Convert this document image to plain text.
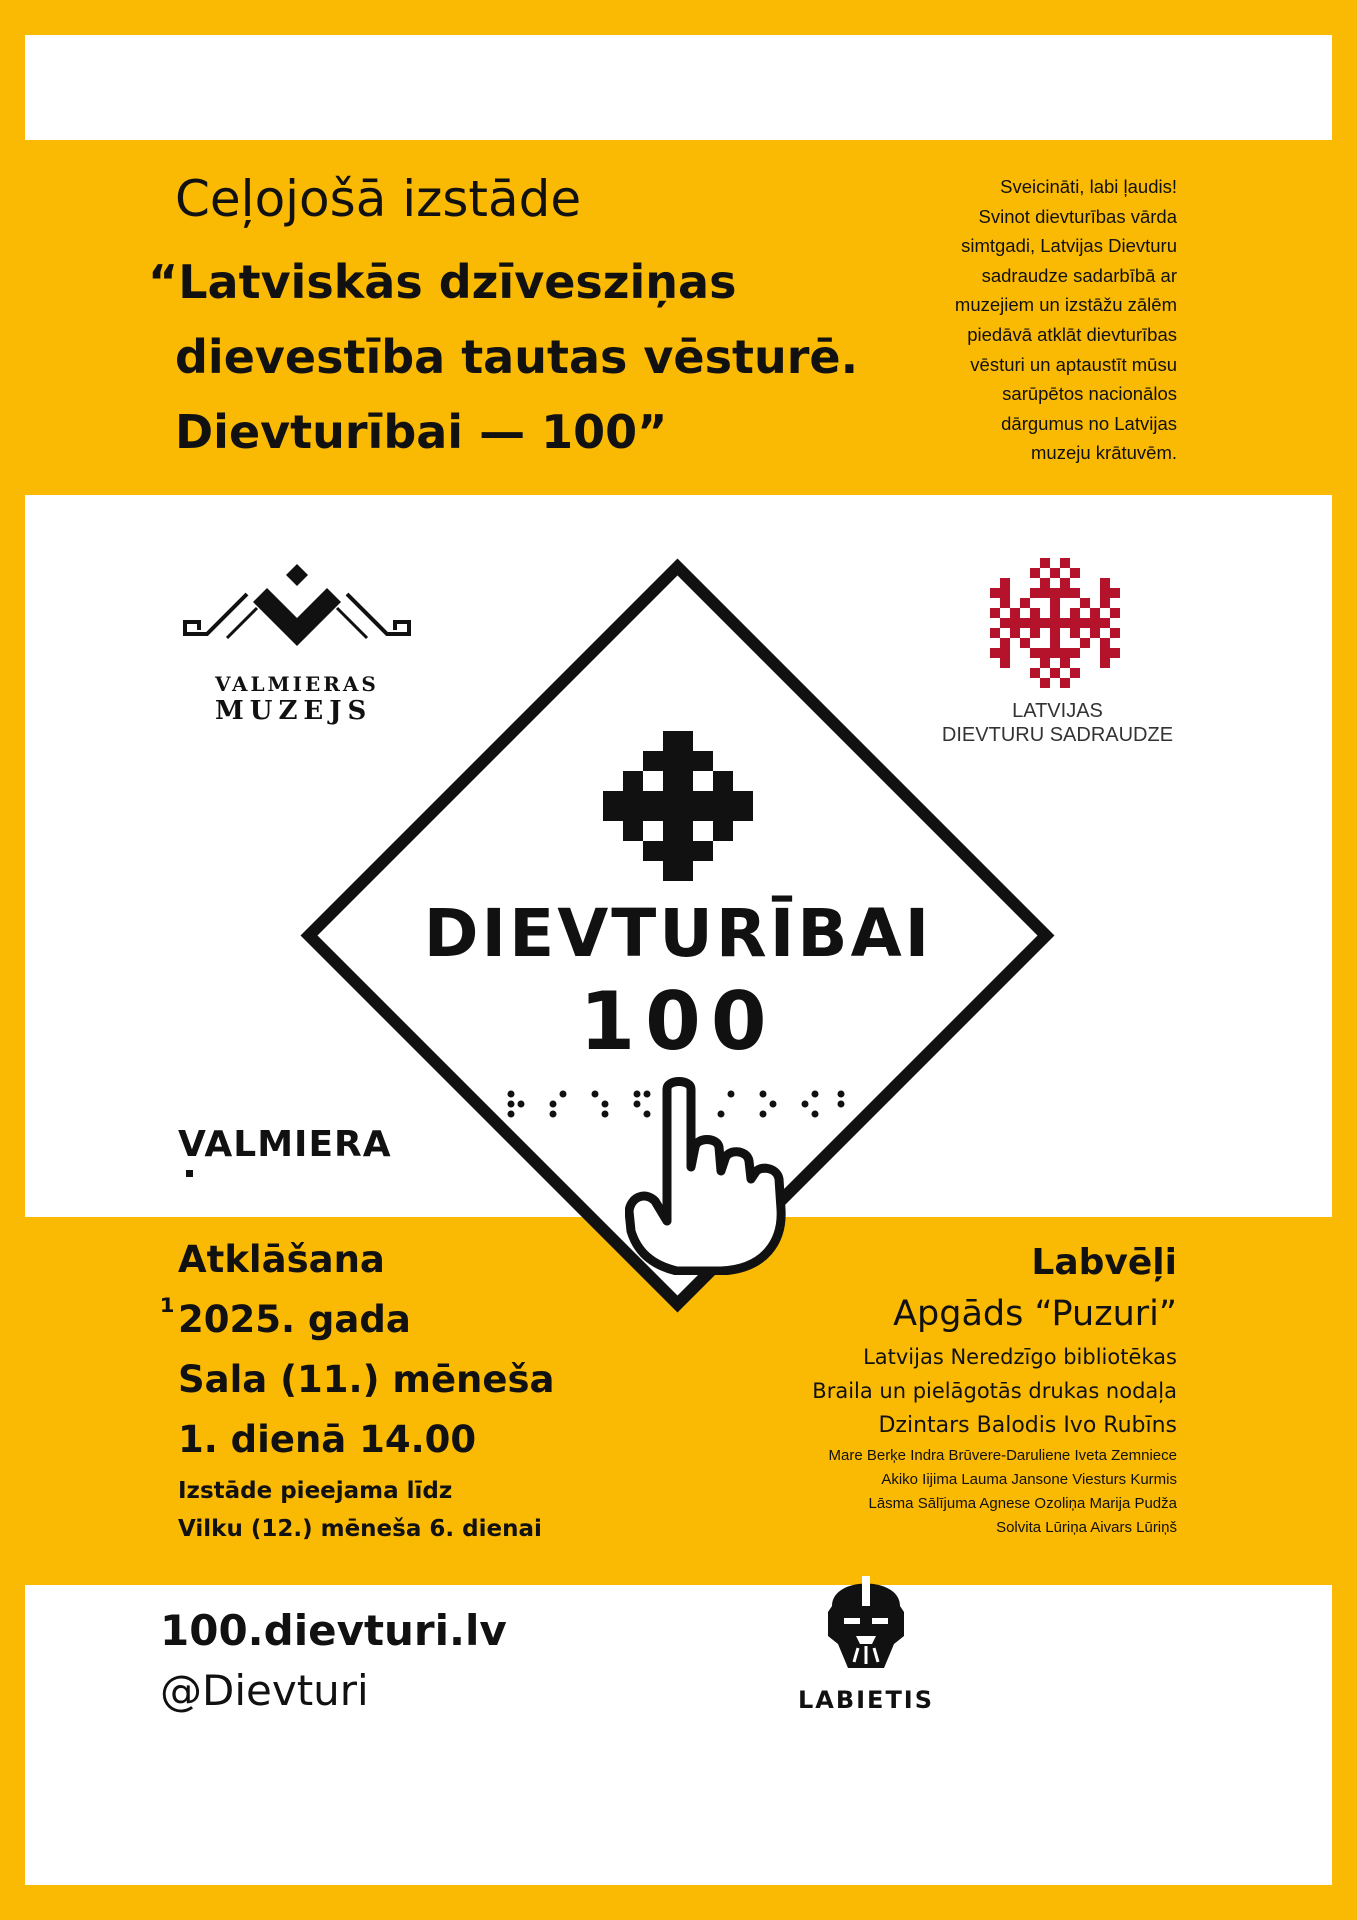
Ceļojošā izstāde
“Latviskās dzīvesziņas
dievestība tautas vēsturē.
Dievturībai — 100”
Sveicināti, labi ļaudis!
Svinot dievturības vārda
simtgadi, Latvijas Dievturu
sadraudze sadarbībā ar
muzejiem un izstāžu zālēm
piedāvā atklāt dievturības
vēsturi un aptaustīt mūsu
sarūpētos nacionālos
dārgumus no Latvijas
muzeju krātuvēm.
VALMIERAS
MUZEJS	LATVIJAS
DIEVTURU SADRAUDZE
VALMIERA
DIEVTURĪBAI
100
Atklāšana
¹ 2025. gada
Sala (11.) mēneša
1. dienā 14.00
Izstāde pieejama līdz
Vilku (12.) mēneša 6. dienai
Labvēļi
Apgāds “Puzuri”
Latvijas Neredzīgo bibliotēkas
Braila un pielāgotās drukas nodaļa
Dzintars Balodis Ivo Rubīns
Mare Berķe Indra Brūvere-Daruliene Iveta Zemniece
Akiko Iijima Lauma Jansone Viesturs Kurmis
Lāsma Sālījuma Agnese Ozoliņa Marija Pudža
Solvita Lūriņa Aivars Lūriņš
100.dievturi.lv
@Dievturi	LABIETIS
